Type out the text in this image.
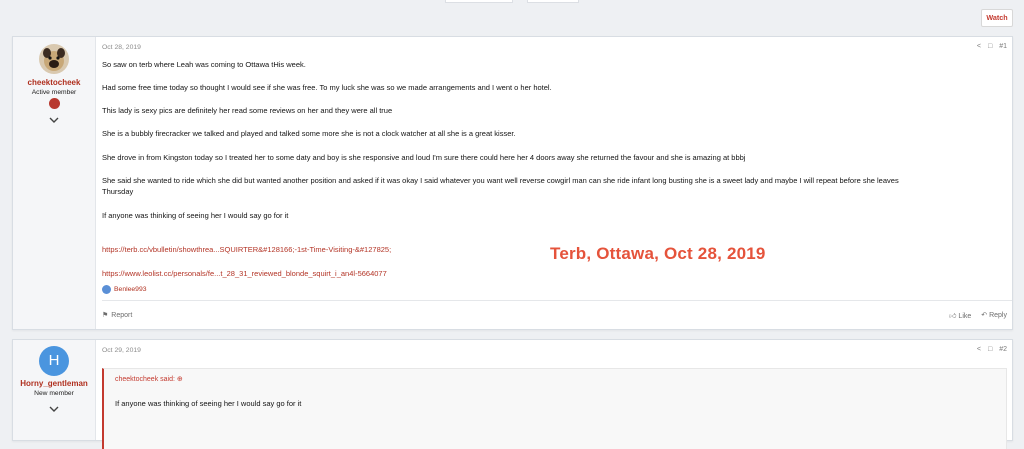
Watch
cheektocheek
Active member
Oct 28, 2019	< □ #1
So saw on terb where Leah was coming to Ottawa tHis week.
Had some free time today so thought I would see if she was free. To my luck she was so we made arrangements and I went o her hotel.
This lady is sexy pics are definitely her read some reviews on her and they were all true
She is a bubbly firecracker we talked and played and talked some more she is not a clock watcher at all she is a great kisser.
She drove in from Kingston today so I treated her to some daty and boy is she responsive and loud I'm sure there could here her 4 doors away she returned the favour and she is amazing at bbbj
She said she wanted to ride which she did but wanted another position and asked if it was okay I said whatever you want well reverse cowgirl man can she ride infant long busting she is a sweet lady and maybe I will repeat before she leaves
Thursday
If anyone was thinking of seeing her I would say go for it
https://terb.cc/vbulletin/showthrea...SQUIRTER&#128166;-1st-Time-Visiting-&#127825;
https://www.leolist.cc/personals/fe...t_28_31_reviewed_blonde_squirt_i_an4l-5664077
Benlee993
⚑ Report	👍︎ Like ↶ Reply
Terb, Ottawa, Oct 28, 2019
H
Horny_gentleman
New member
Oct 29, 2019	< □ #2
cheektocheek said: ⊕
If anyone was thinking of seeing her I would say go for it
